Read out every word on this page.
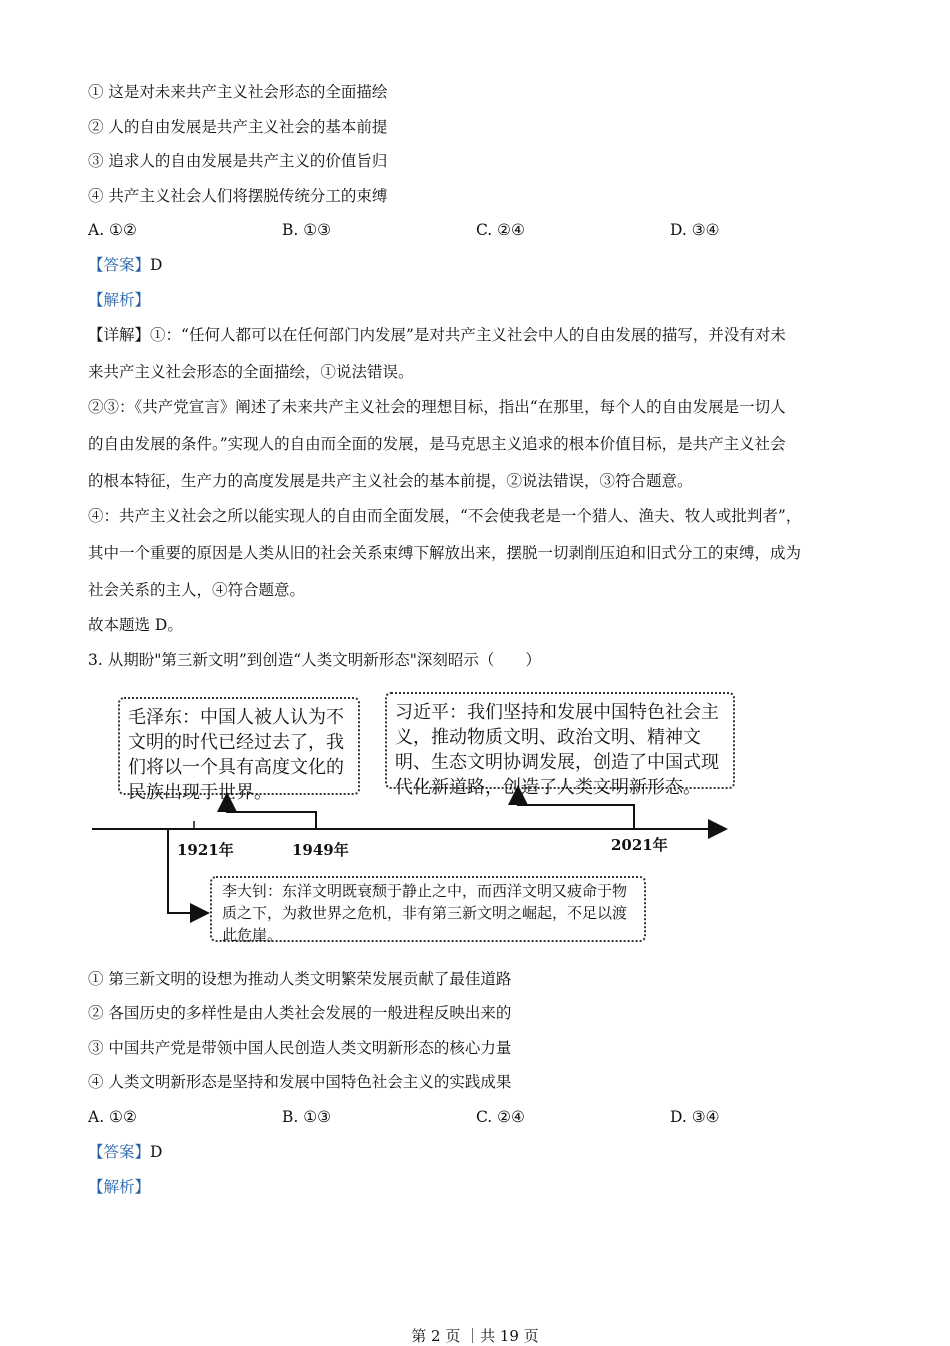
① 这是对未来共产主义社会形态的全面描绘
② 人的自由发展是共产主义社会的基本前提
③ 追求人的自由发展是共产主义的价值旨归
④ 共产主义社会人们将摆脱传统分工的束缚
A. ①②	B. ①③	C. ②④	D. ③④
【答案】D
【解析】
【详解】①：“任何人都可以在任何部门内发展”是对共产主义社会中人的自由发展的描写，并没有对未
来共产主义社会形态的全面描绘，①说法错误。
②③：《共产党宣言》阐述了未来共产主义社会的理想目标，指出“在那里，每个人的自由发展是一切人
的自由发展的条件。”实现人的自由而全面的发展，是马克思主义追求的根本价值目标，是共产主义社会
的根本特征，生产力的高度发展是共产主义社会的基本前提，②说法错误，③符合题意。
④：共产主义社会之所以能实现人的自由而全面发展，“不会使我老是一个猎人、渔夫、牧人或批判者”，
其中一个重要的原因是人类从旧的社会关系束缚下解放出来，摆脱一切剥削压迫和旧式分工的束缚，成为
社会关系的主人，④符合题意。
故本题选 D。
3. 从期盼"第三新文明”到创造“人类文明新形态"深刻昭示（　　）
毛泽东：中国人被人认为不文明的时代已经过去了，我们将以一个具有高度文化的民族出现于世界。
习近平：我们坚持和发展中国特色社会主义，推动物质文明、政治文明、精神文明、生态文明协调发展，创造了中国式现代化新道路，创造了人类文明新形态。
李大钊：东洋文明既衰颓于静止之中，而西洋文明又疲命于物质之下，为救世界之危机，非有第三新文明之崛起，不足以渡此危崖。
1921年	1949年	2021年
① 第三新文明的设想为推动人类文明繁荣发展贡献了最佳道路
② 各国历史的多样性是由人类社会发展的一般进程反映出来的
③ 中国共产党是带领中国人民创造人类文明新形态的核心力量
④ 人类文明新形态是坚持和发展中国特色社会主义的实践成果
A. ①②	B. ①③	C. ②④	D. ③④
【答案】D
【解析】
第 2 页 ｜共 19 页
